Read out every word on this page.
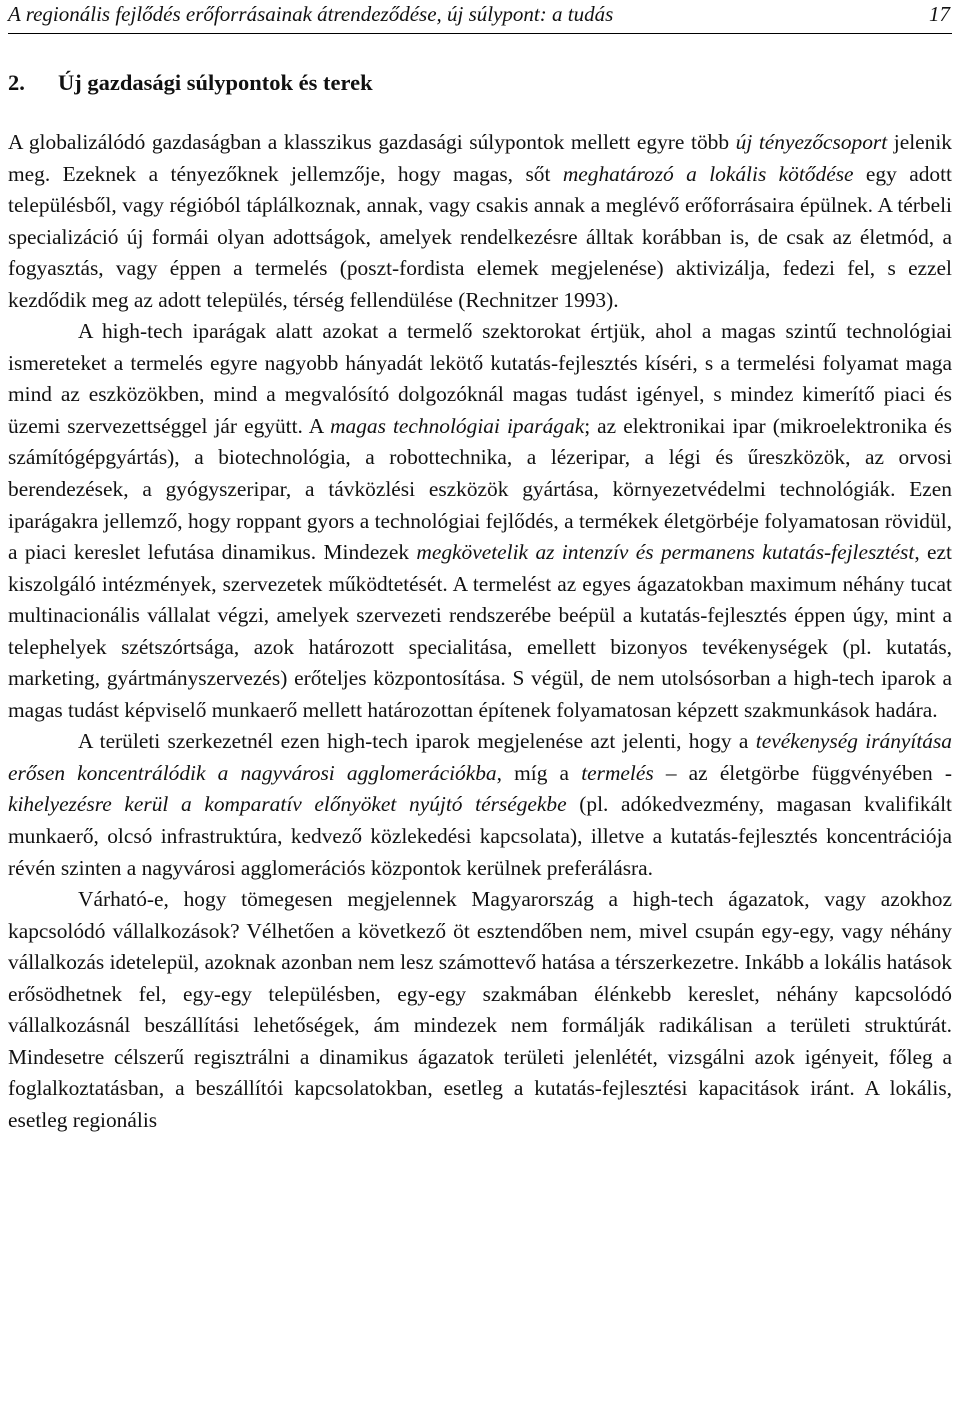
A regionális fejlődés erőforrásainak átrendeződése, új súlypont: a tudás	17
2. Új gazdasági súlypontok és terek

A globalizálódó gazdaságban a klasszikus gazdasági súlypontok mellett egyre több új tényezőcsoport jelenik meg. Ezeknek a tényezőknek jellemzője, hogy magas, sőt meghatározó a lokális kötődése egy adott településből, vagy régióból táplálkoznak, annak, vagy csakis annak a meglévő erőforrásaira épülnek. A térbeli specializáció új formái olyan adottságok, amelyek rendelkezésre álltak korábban is, de csak az életmód, a fogyasztás, vagy éppen a termelés (poszt-fordista elemek megjelenése) aktivizálja, fedezi fel, s ezzel kezdődik meg az adott település, térség fellendülése (Rechnitzer 1993).

A high-tech iparágak alatt azokat a termelő szektorokat értjük, ahol a magas szintű technológiai ismereteket a termelés egyre nagyobb hányadát lekötő kutatás-fejlesztés kíséri, s a termelési folyamat maga mind az eszközökben, mind a megvalósító dolgozóknál magas tudást igényel, s mindez kimerítő piaci és üzemi szervezettséggel jár együtt. A magas technológiai iparágak; az elektronikai ipar (mikroelektronika és számítógépgyártás), a biotechnológia, a robottechnika, a lézeripar, a légi és űreszközök, az orvosi berendezések, a gyógyszeripar, a távközlési eszközök gyártása, környezetvédelmi technológiák. Ezen iparágakra jellemző, hogy roppant gyors a technológiai fejlődés, a termékek életgörbéje folyamatosan rövidül, a piaci kereslet lefutása dinamikus. Mindezek megkövetelik az intenzív és permanens kutatás-fejlesztést, ezt kiszolgáló intézmények, szervezetek működtetését. A termelést az egyes ágazatokban maximum néhány tucat multinacionális vállalat végzi, amelyek szervezeti rendszerébe beépül a kutatás-fejlesztés éppen úgy, mint a telephelyek szétszórtsága, azok határozott specialitása, emellett bizonyos tevékenységek (pl. kutatás, marketing, gyártmányszervezés) erőteljes központosítása. S végül, de nem utolsósorban a high-tech iparok a magas tudást képviselő munkaerő mellett határozottan építenek folyamatosan képzett szakmunkások hadára.

A területi szerkezetnél ezen high-tech iparok megjelenése azt jelenti, hogy a tevékenység irányítása erősen koncentrálódik a nagyvárosi agglomerációkba, míg a termelés – az életgörbe függvényében - kihelyezésre kerül a komparatív előnyöket nyújtó térségekbe (pl. adókedvezmény, magasan kvalifikált munkaerő, olcsó infrastruktúra, kedvező közlekedési kapcsolata), illetve a kutatás-fejlesztés koncentrációja révén szinten a nagyvárosi agglomerációs központok kerülnek preferálásra.

Várható-e, hogy tömegesen megjelennek Magyarország a high-tech ágazatok, vagy azokhoz kapcsolódó vállalkozások? Vélhetően a következő öt esztendőben nem, mivel csupán egy-egy, vagy néhány vállalkozás idetelepül, azoknak azonban nem lesz számottevő hatása a térszerkezetre. Inkább a lokális hatások erősödhetnek fel, egy-egy településben, egy-egy szakmában élénkebb kereslet, néhány kapcsolódó vállalkozásnál beszállítási lehetőségek, ám mindezek nem formálják radikálisan a területi struktúrát. Mindesetre célszerű regisztrálni a dinamikus ágazatok területi jelenlétét, vizsgálni azok igényeit, főleg a foglalkoztatásban, a beszállítói kapcsolatokban, esetleg a kutatás-fejlesztési kapacitások iránt. A lokális, esetleg regionális
